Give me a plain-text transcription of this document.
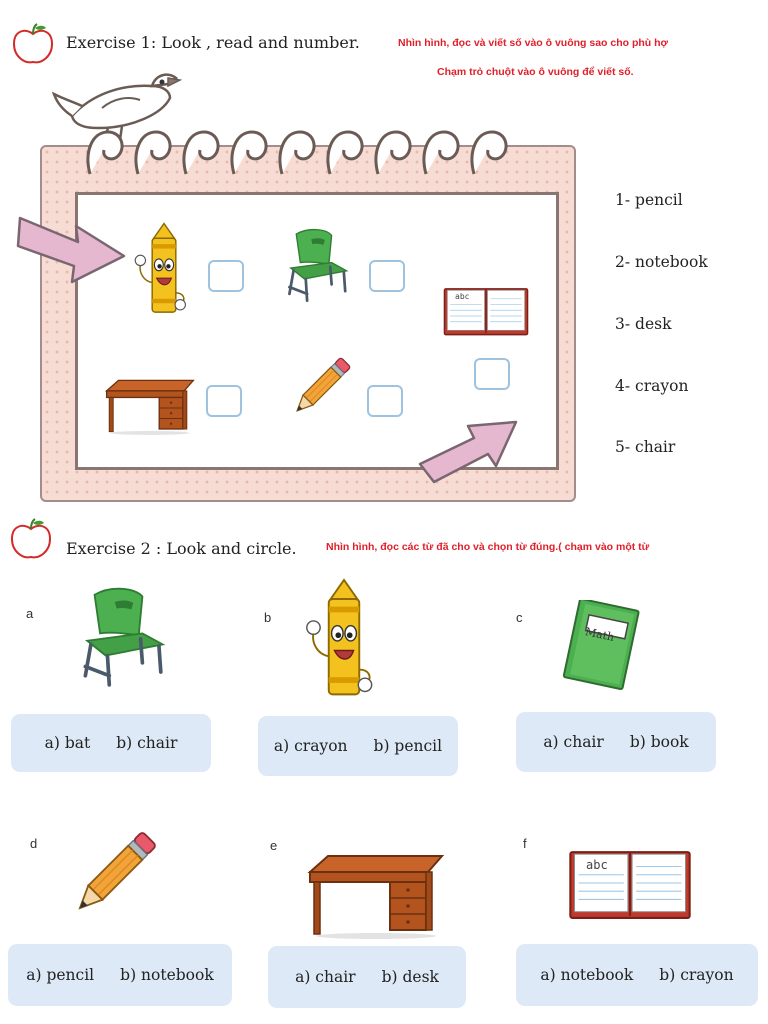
Exercise 1: Look , read and number.	Nhìn hình, đọc và viết số vào ô vuông sao cho phù hợ
Chạm trỏ chuột vào ô vuông để viết số.
abc
1- pencil
2- notebook
3- desk
4- crayon
5- chair
Exercise 2 : Look and circle.	Nhìn hình, đọc các từ đã cho và chọn từ đúng.( chạm vào một từ
a
a) bat b) chair
b
a) crayon b) pencil
c
Math
a) chair b) book
d
a) pencil b) notebook
e
a) chair b) desk
f
abc
a) notebook b) crayon
